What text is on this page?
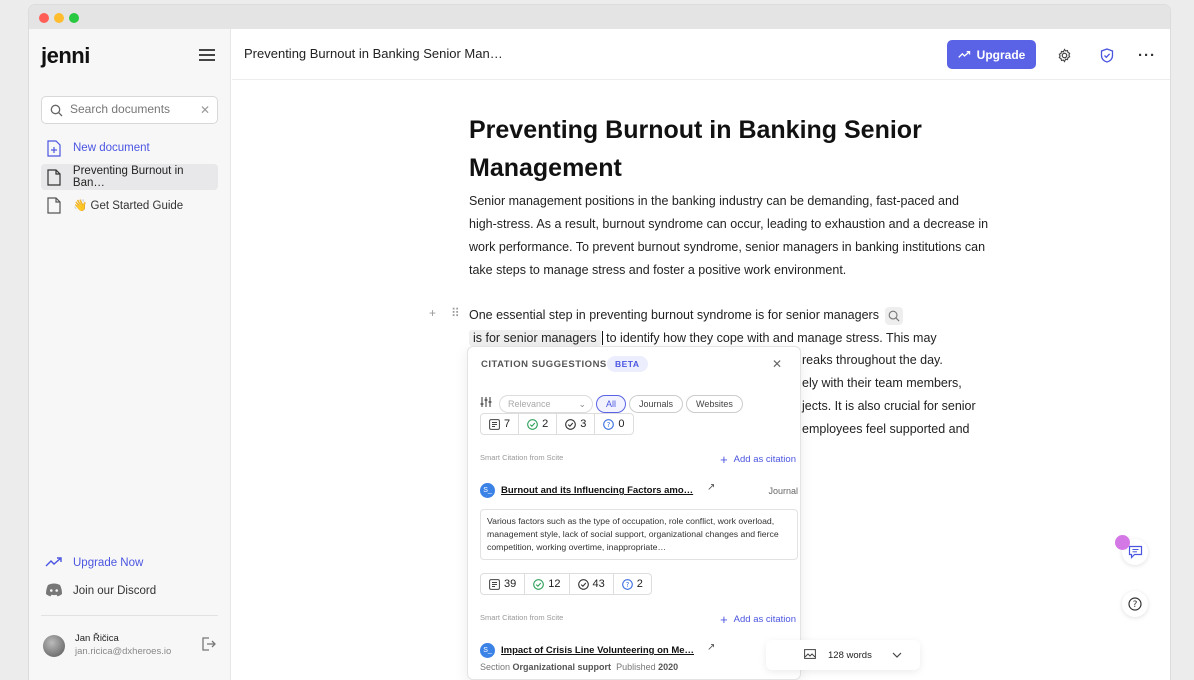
jenni
Search documents
✕
New document
Preventing Burnout in Ban…
👋 Get Started Guide
Upgrade Now
Join our Discord
Jan Řičica
jan.ricica@dxheroes.io
Preventing Burnout in Banking Senior Man…	Upgrade	···
Preventing Burnout in Banking Senior Management
Senior management positions in the banking industry can be demanding, fast-paced and high-stress. As a result, burnout syndrome can occur, leading to exhaustion and a decrease in work performance. To prevent burnout syndrome, senior managers in banking institutions can take steps to manage stress and foster a positive work environment.
+ ⠿ One essential step in preventing burnout syndrome is for senior managers
is for senior managers to identify how they cope with and manage stress. This may
reaks throughout the day.
ely with their team members,
jects. It is also crucial for senior
employees feel supported and
CITATION SUGGESTIONS BETA	✕
Relevance	⌄	All	Journals	Websites
7	2	3	? 0
Smart Citation from Scite	+ Add as citation
S_ Burnout and its Influencing Factors amo… ↗	Journal
Various factors such as the type of occupation, role conflict, work overload, management style, lack of social support, organizational changes and fierce competition, working overtime, inappropriate…
39	12	43	? 2
Smart Citation from Scite	+ Add as citation
S_ Impact of Crisis Line Volunteering on Me… ↗
Section Organizational support Published 2020
128 words
?
